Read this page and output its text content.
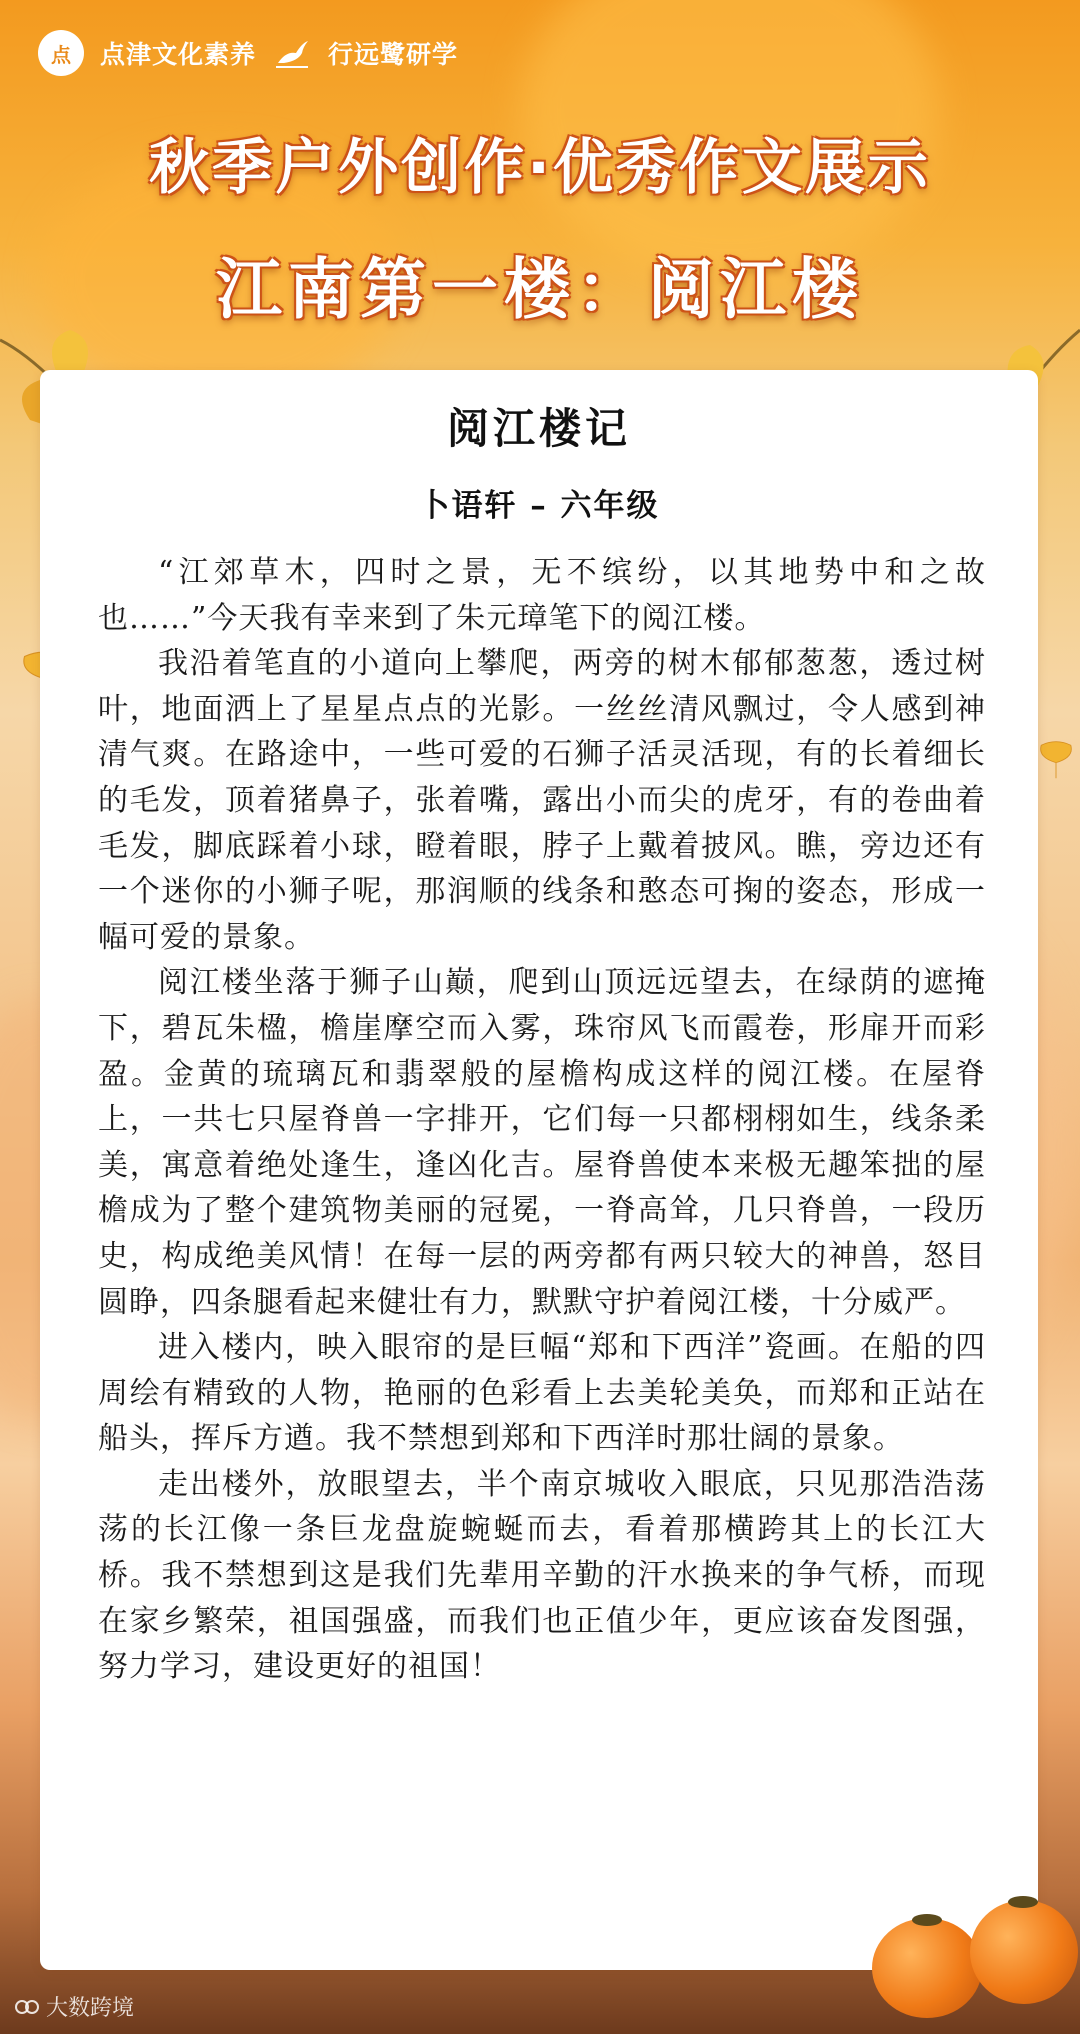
点 点津文化素养	行远鹭研学
秋季户外创作·优秀作文展示
江南第一楼：阅江楼
阅江楼记
卜语轩 – 六年级

“江郊草木，四时之景，无不缤纷，以其地势中和之故也……”今天我有幸来到了朱元璋笔下的阅江楼。

我沿着笔直的小道向上攀爬，两旁的树木郁郁葱葱，透过树叶，地面洒上了星星点点的光影。一丝丝清风飘过，令人感到神清气爽。在路途中，一些可爱的石狮子活灵活现，有的长着细长的毛发，顶着猪鼻子，张着嘴，露出小而尖的虎牙，有的卷曲着毛发，脚底踩着小球，瞪着眼，脖子上戴着披风。瞧，旁边还有一个迷你的小狮子呢，那润顺的线条和憨态可掬的姿态，形成一幅可爱的景象。

阅江楼坐落于狮子山巅，爬到山顶远远望去，在绿荫的遮掩下，碧瓦朱楹，檐崖摩空而入雾，珠帘风飞而霞卷，形扉开而彩盈。金黄的琉璃瓦和翡翠般的屋檐构成这样的阅江楼。在屋脊上，一共七只屋脊兽一字排开，它们每一只都栩栩如生，线条柔美，寓意着绝处逢生，逢凶化吉。屋脊兽使本来极无趣笨拙的屋檐成为了整个建筑物美丽的冠冕，一脊高耸，几只脊兽，一段历史，构成绝美风情！在每一层的两旁都有两只较大的神兽，怒目圆睁，四条腿看起来健壮有力，默默守护着阅江楼，十分威严。

进入楼内，映入眼帘的是巨幅“郑和下西洋”瓷画。在船的四周绘有精致的人物，艳丽的色彩看上去美轮美奂，而郑和正站在船头，挥斥方遒。我不禁想到郑和下西洋时那壮阔的景象。

走出楼外，放眼望去，半个南京城收入眼底，只见那浩浩荡荡的长江像一条巨龙盘旋蜿蜒而去，看着那横跨其上的长江大桥。我不禁想到这是我们先辈用辛勤的汗水换来的争气桥，而现在家乡繁荣，祖国强盛，而我们也正值少年，更应该奋发图强，努力学习，建设更好的祖国！

大数跨境
